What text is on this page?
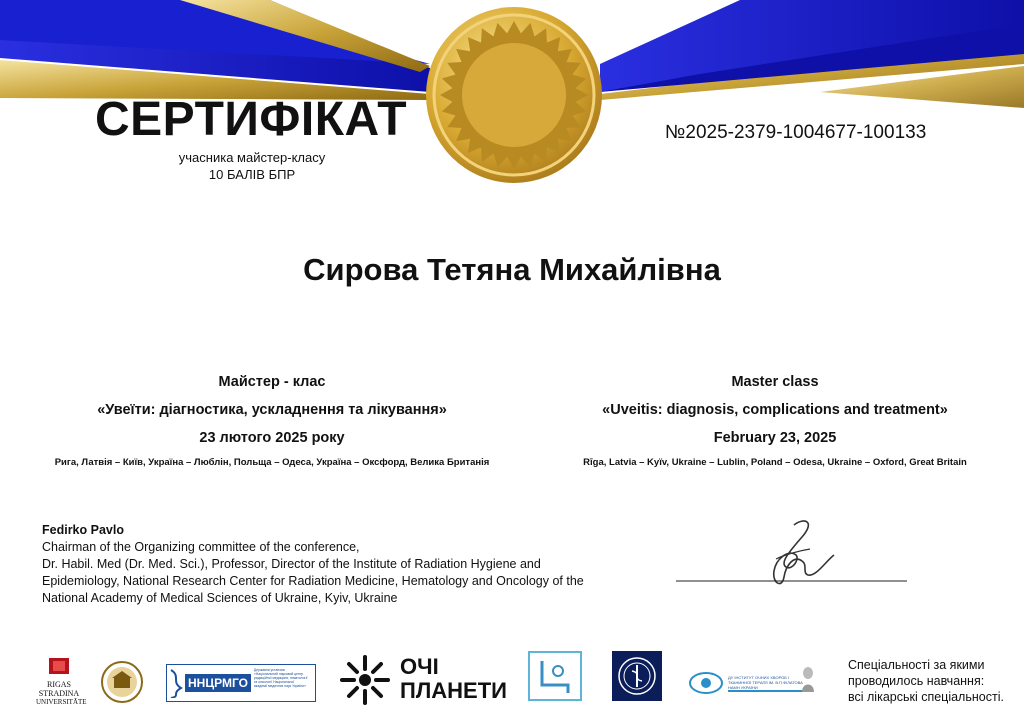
СЕРТИФІКАТ
учасника майстер-класу
10 БАЛІВ БПР
№2025-2379-1004677-100133
Сирова Тетяна Михайлівна
Майстер - клас
«Увеїти: діагностика, ускладнення та лікування»
23 лютого 2025 року
Рига, Латвія – Київ, Україна – Люблін, Польща – Одеса, Україна – Оксфорд, Велика Британія
Master class
«Uveitis: diagnosis, complications and treatment»
February 23, 2025
Rīga, Latvia – Kyïv, Ukraine – Lublin, Poland – Odesa, Ukraine – Oxford, Great Britain
Fedirko Pavlo
Chairman of the Organizing committee of the conference,
Dr. Habil. Med (Dr. Med. Sci.), Professor, Director of the Institute of Radiation Hygiene and
Epidemiology, National Research Center for Radiation Medicine, Hematology and Oncology of the
National Academy of Medical Sciences of Ukraine, Kyiv, Ukraine
RIGAS
STRADINA
UNIVERSITĀTE
ННЦРМГО
Державна установа «Національний науковий центр радіаційної медицини, гематології та онкології Національної академії медичних наук України»
ОЧІ
ПЛАНЕТИ
ДУ ІНСТИТУТ ОЧНИХ ХВОРОБ І ТКАНИННОЇ ТЕРАПІЇ ІМ. В.П.ФІЛАТОВА НАМН УКРАЇНИ
Спеціальності за якими
проводилось навчання:
всі лікарські спеціальності.
